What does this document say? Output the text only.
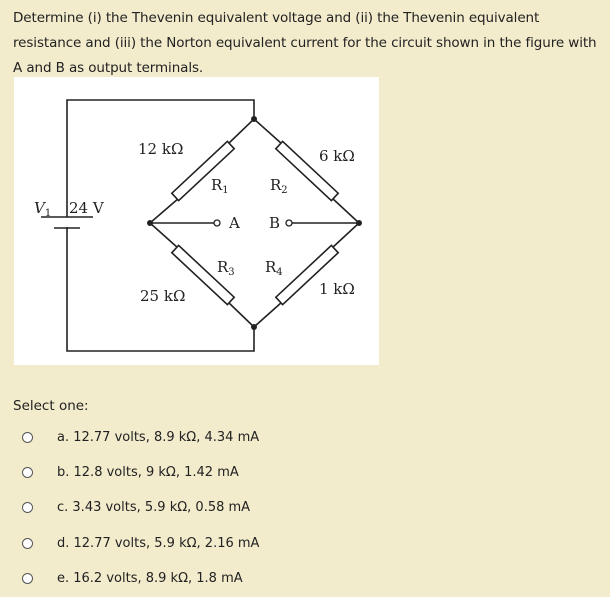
Determine (i) the Thevenin equivalent voltage and (ii) the Thevenin equivalent resistance and (iii) the Norton equivalent current for the circuit shown in the figure with A and B as output terminals.
12 kΩ	6 kΩ
25 kΩ	1 kΩ
$R_1$	$R_2$
$R_3$ $R_4$
A B
$V_1$ 24 V
Select one:
a. 12.77 volts, 8.9 kΩ, 4.34 mA
b. 12.8 volts, 9 kΩ, 1.42 mA
c. 3.43 volts, 5.9 kΩ, 0.58 mA
d. 12.77 volts, 5.9 kΩ, 2.16 mA
e. 16.2 volts, 8.9 kΩ, 1.8 mA
